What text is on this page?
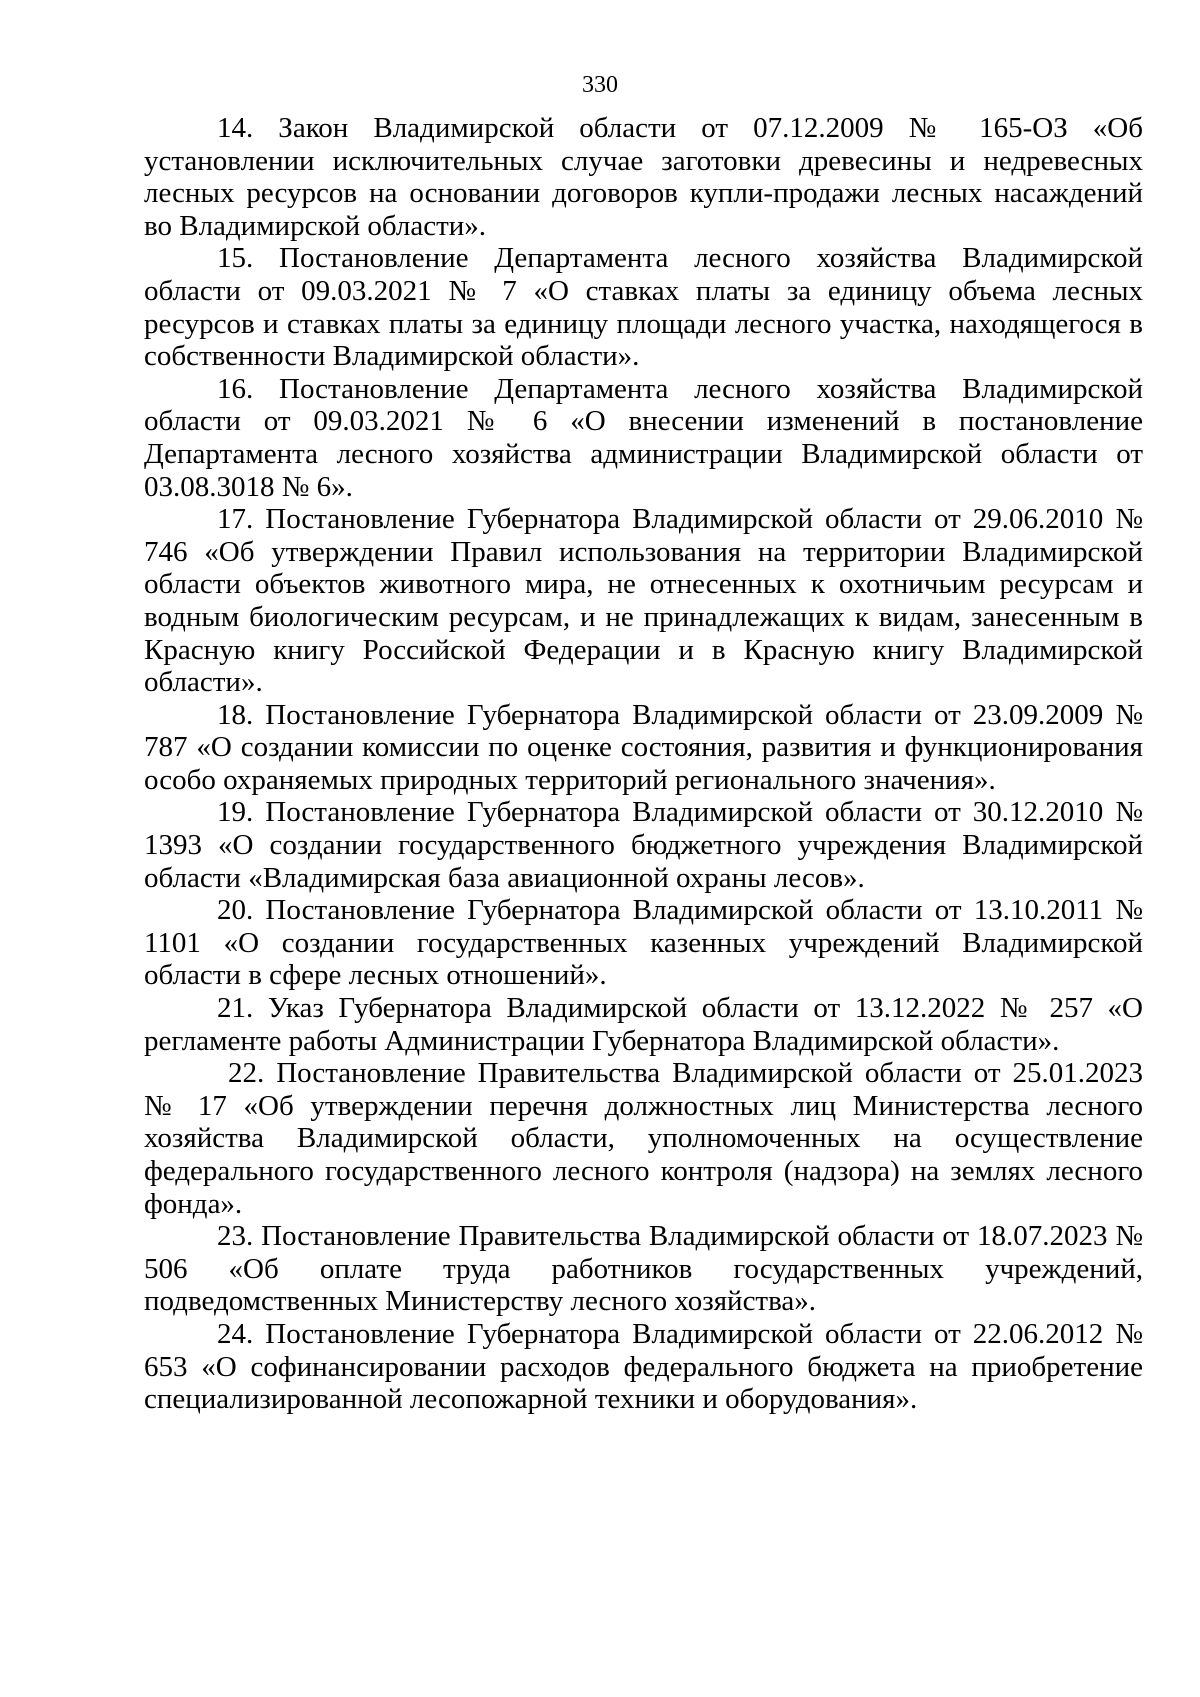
330

14. Закон Владимирской области от 07.12.2009 № 165-ОЗ «Об установлении исключительных случае заготовки древесины и недревесных лесных ресурсов на основании договоров купли-продажи лесных насаждений во Владимирской области».

15. Постановление Департамента лесного хозяйства Владимирской области от 09.03.2021 № 7 «О ставках платы за единицу объема лесных ресурсов и ставках платы за единицу площади лесного участка, находящегося в собственности Владимирской области».

16. Постановление Департамента лесного хозяйства Владимирской области от 09.03.2021 № 6 «О внесении изменений в постановление Департамента лесного хозяйства администрации Владимирской области от 03.08.3018 № 6».

17. Постановление Губернатора Владимирской области от 29.06.2010 № 746 «Об утверждении Правил использования на территории Владимирской области объектов животного мира, не отнесенных к охотничьим ресурсам и водным биологическим ресурсам, и не принадлежащих к видам, занесенным в Красную книгу Российской Федерации и в Красную книгу Владимирской области».

18. Постановление Губернатора Владимирской области от 23.09.2009 № 787 «О создании комиссии по оценке состояния, развития и функционирования особо охраняемых природных территорий регионального значения».

19. Постановление Губернатора Владимирской области от 30.12.2010 № 1393 «О создании государственного бюджетного учреждения Владимирской области «Владимирская база авиационной охраны лесов».

20. Постановление Губернатора Владимирской области от 13.10.2011 № 1101 «О создании государственных казенных учреждений Владимирской области в сфере лесных отношений».

21. Указ Губернатора Владимирской области от 13.12.2022 № 257 «О регламенте работы Администрации Губернатора Владимирской области».

22. Постановление Правительства Владимирской области от 25.01.2023 № 17 «Об утверждении перечня должностных лиц Министерства лесного хозяйства Владимирской области, уполномоченных на осуществление федерального государственного лесного контроля (надзора) на землях лесного фонда».

23. Постановление Правительства Владимирской области от 18.07.2023 № 506 «Об оплате труда работников государственных учреждений, подведомственных Министерству лесного хозяйства».

24. Постановление Губернатора Владимирской области от 22.06.2012 № 653 «О софинансировании расходов федерального бюджета на приобретение специализированной лесопожарной техники и оборудования».
